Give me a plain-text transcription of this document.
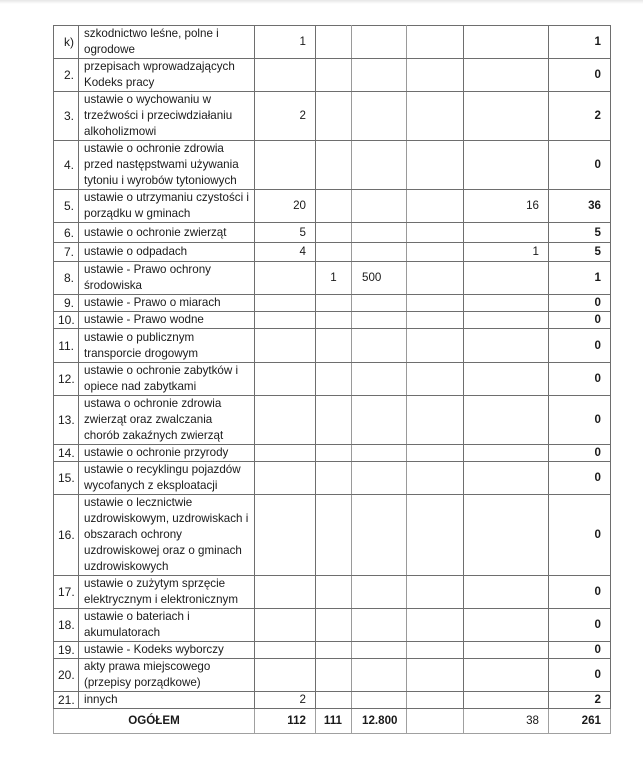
k)	szkodnictwo leśne, polne i ogrodowe	1					1
2.	przepisach wprowadzających Kodeks pracy						0
3.	ustawie o wychowaniu w trzeźwości i przeciwdziałaniu alkoholizmowi	2					2
4.	ustawie o ochronie zdrowia przed następstwami używania tytoniu i wyrobów tytoniowych						0
5.	ustawie o utrzymaniu czystości i porządku w gminach	20				16	36
6.	ustawie o ochronie zwierząt	5					5
7.	ustawie o odpadach	4				1	5
8.	ustawie - Prawo ochrony środowiska		1	500			1
9.	ustawie - Prawo o miarach						0
10.	ustawie - Prawo wodne						0
11.	ustawie o publicznym transporcie drogowym						0
12.	ustawie o ochronie zabytków i opiece nad zabytkami						0
13.	ustawa o ochronie zdrowia zwierząt oraz zwalczania chorób zakaźnych zwierząt						0
14.	ustawie o ochronie przyrody						0
15.	ustawie o recyklingu pojazdów wycofanych z eksploatacji						0
16.	ustawie o lecznictwie uzdrowiskowym, uzdrowiskach i obszarach ochrony uzdrowiskowej oraz o gminach uzdrowiskowych						0
17.	ustawie o zużytym sprzęcie elektrycznym i elektronicznym						0
18.	ustawie o bateriach i akumulatorach						0
19.	ustawie - Kodeks wyborczy						0
20.	akty prawa miejscowego (przepisy porządkowe)						0
21.	innych	2					2
OGÓŁEM		112	111	12.800		38	261
